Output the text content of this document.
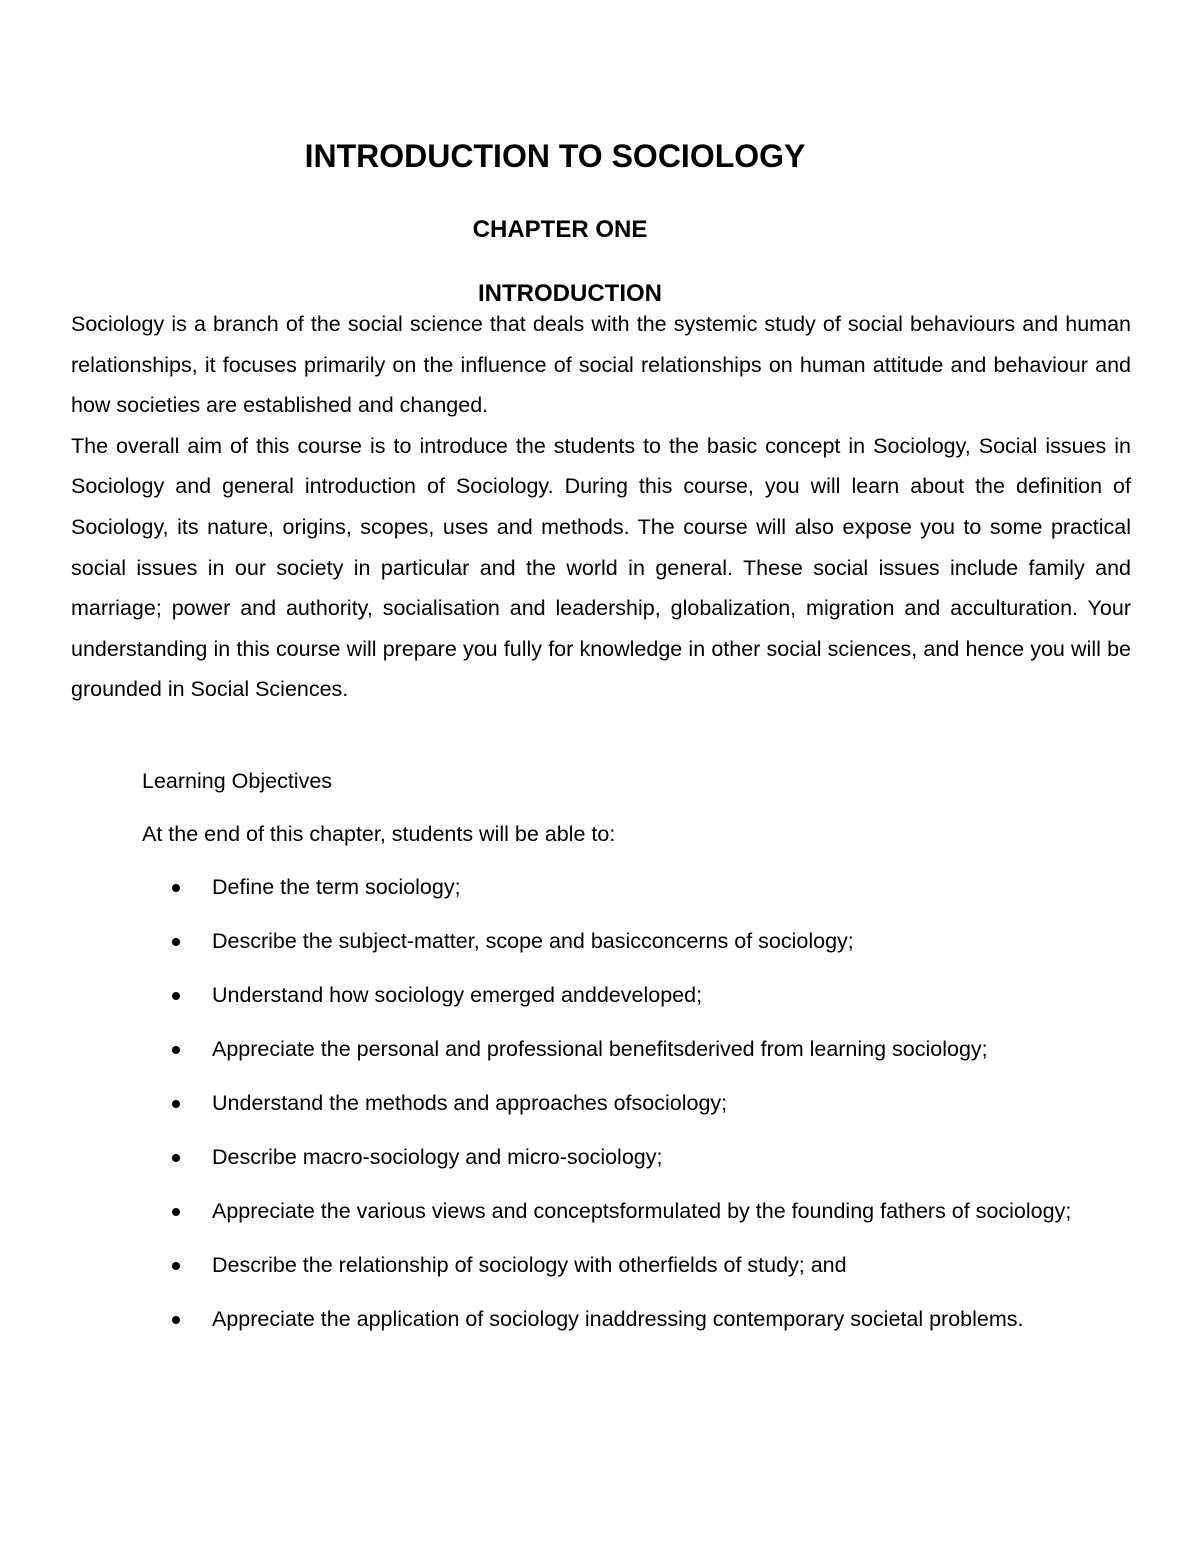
INTRODUCTION TO SOCIOLOGY
CHAPTER ONE
INTRODUCTION

Sociology is a branch of the social science that deals with the systemic study of social behaviours and human relationships, it focuses primarily on the influence of social relationships on human attitude and behaviour and how societies are established and changed.

The overall aim of this course is to introduce the students to the basic concept in Sociology, Social issues in Sociology and general introduction of Sociology. During this course, you will learn about the definition of Sociology, its nature, origins, scopes, uses and methods. The course will also expose you to some practical social issues in our society in particular and the world in general. These social issues include family and marriage; power and authority, socialisation and leadership, globalization, migration and acculturation. Your understanding in this course will prepare you fully for knowledge in other social sciences, and hence you will be grounded in Social Sciences.

Learning Objectives

At the end of this chapter, students will be able to:

Define the term sociology;
Describe the subject-matter, scope and basicconcerns of sociology;
Understand how sociology emerged anddeveloped;
Appreciate the personal and professional benefitsderived from learning sociology;
Understand the methods and approaches ofsociology;
Describe macro-sociology and micro-sociology;
Appreciate the various views and conceptsformulated by the founding fathers of sociology;
Describe the relationship of sociology with otherfields of study; and
Appreciate the application of sociology inaddressing contemporary societal problems.
